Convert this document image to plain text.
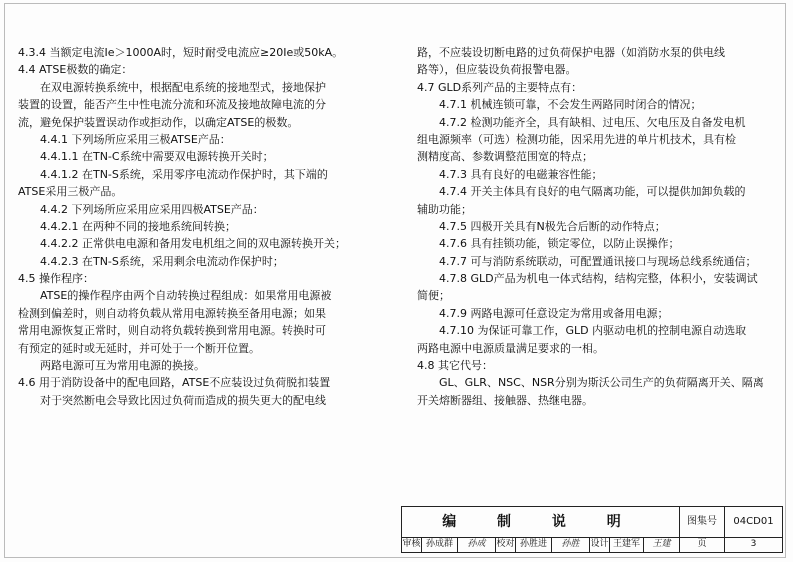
4.3.4 当额定电流Ie＞1000A时，短时耐受电流应≥20Ie或50kA。
4.4 ATSE极数的确定：
在双电源转换系统中，根据配电系统的接地型式，接地保护
装置的设置，能否产生中性电流分流和环流及接地故障电流的分
流，避免保护装置误动作或拒动作，以确定ATSE的极数。
4.4.1 下列场所应采用三极ATSE产品：
4.4.1.1 在TN-C系统中需要双电源转换开关时；
4.4.1.2 在TN-S系统，采用零序电流动作保护时，其下端的
ATSE采用三极产品。
4.4.2 下列场所应采用应采用四极ATSE产品：
4.4.2.1 在两种不同的接地系统间转换；
4.4.2.2 正常供电电源和备用发电机组之间的双电源转换开关；
4.4.2.3 在TN-S系统，采用剩余电流动作保护时；
4.5 操作程序：
ATSE的操作程序由两个自动转换过程组成：如果常用电源被
检测到偏差时，则自动将负载从常用电源转换至备用电源；如果
常用电源恢复正常时，则自动将负载转换到常用电源。转换时可
有预定的延时或无延时，并可处于一个断开位置。
两路电源可互为常用电源的换接。
4.6 用于消防设备中的配电回路，ATSE不应装设过负荷脱扣装置
对于突然断电会导致比因过负荷而造成的损失更大的配电线
路，不应装设切断电路的过负荷保护电器（如消防水泵的供电线
路等），但应装设负荷报警电器。
4.7 GLD系列产品的主要特点有：
4.7.1 机械连锁可靠，不会发生两路同时闭合的情况；
4.7.2 检测功能齐全，具有缺相、过电压、欠电压及自备发电机
组电源频率（可选）检测功能，因采用先进的单片机技术，具有检
测精度高、参数调整范围宽的特点；
4.7.3 具有良好的电磁兼容性能；
4.7.4 开关主体具有良好的电气隔离功能，可以提供加卸负载的
辅助功能；
4.7.5 四极开关具有N极先合后断的动作特点；
4.7.6 具有挂锁功能，锁定零位，以防止误操作；
4.7.7 可与消防系统联动，可配置通讯接口与现场总线系统通信；
4.7.8 GLD产品为机电一体式结构，结构完整，体积小，安装调试
简便；
4.7.9 两路电源可任意设定为常用或备用电源；
4.7.10 为保证可靠工作，GLD 内驱动电机的控制电源自动选取
两路电源中电源质量满足要求的一相。
4.8 其它代号：
GL、GLR、NSC、NSR分别为斯沃公司生产的负荷隔离开关、隔离
开关熔断器组、接触器、热继电器。
编 制 说 明	图集号	04CD01
审核 孙成群	孙成	校对 孙胜进	孙胜	设计 王建军	王建	页	3
